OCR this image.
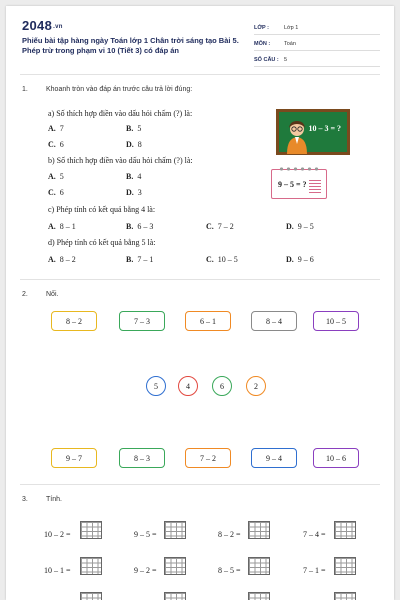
2048.vn
Phiếu bài tập hàng ngày Toán lớp 1 Chân trời sáng tạo Bài 5. Phép trừ trong phạm vi 10 (Tiết 3) có đáp án
LỚP :	Lớp 1
MÔN :	Toán
SỐ CÂU : 5
1.	Khoanh tròn vào đáp án trước câu trả lời đúng:
a) Số thích hợp điền vào dấu hỏi chấm (?) là:
A. 7	B. 5
C. 6	D. 8
b) Số thích hợp điền vào dấu hỏi chấm (?) là:
A. 5	B. 4
C. 6	D. 3
c) Phép tính có kết quả bằng 4 là:
A. 8 – 1	B. 6 – 3	C. 7 – 2	D. 9 – 5
d) Phép tính có kết quả bằng 5 là:
A. 8 – 2	B. 7 – 1	C. 10 – 5	D. 9 – 6
10 – 3 = ?
9 – 5 = ?
2.	Nối.
8 – 2	7 – 3	6 – 1	8 – 4	10 – 5
5	4	6	2
9 – 7	8 – 3	7 – 2	9 – 4	10 – 6
3.	Tính.
10 – 2 =	9 – 5 =	8 – 2 =	7 – 4 =
10 – 1 =	9 – 2 =	8 – 5 =	7 – 1 =
